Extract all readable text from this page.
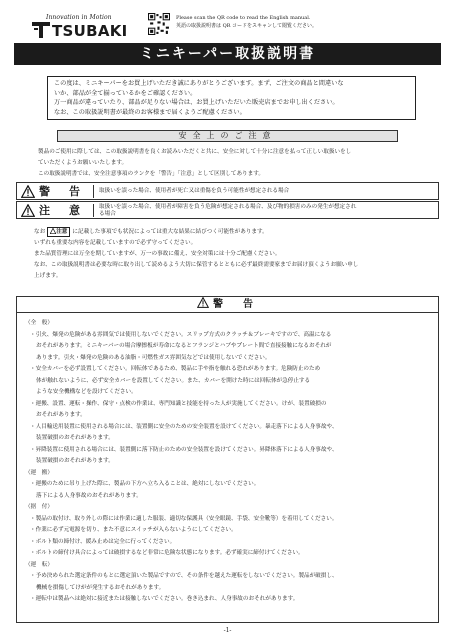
Innovation in Motion
TSUBAKI
Please scan the QR code to read the English manual.
英語の取扱説明書は QR コードをスキャンして閲覧ください。
ミニキーパー取扱説明書
この度は、ミニキーパーをお買上げいただき誠にありがとうございます。まず、ご注文の商品と間違いな
いか、部品が全て揃っているかをご確認ください。
万一商品が違っていたり、部品が足りない場合は、お買上げいただいた販売店までお申し出ください。
なお、この取扱説明書が最終のお客様まで届くようご配慮ください。
安全上のご注意
製品のご使用に際しては、この取扱説明書を良くお読みいただくと共に、安全に対して十分に注意を払って正しい取扱いをし
ていただくようお願いいたします。
この取扱説明書では、安全注意事項のランクを「警告」「注意」として区別してあります。
警　告	取扱いを誤った場合、使用者が死亡又は重傷を負う可能性が想定される場合
注　意	取扱いを誤った場合、使用者が障害を負う危険が想定される場合、及び物的損害のみの発生が想定され
る場合
なお 注意 に記載した事項でも状況によっては重大な結果に結びつく可能性があります。
いずれも重要な内容を記載していますので必ず守ってください。
また品質管理には万全を期していますが、万一の事故に備え、安全対策には十分ご配慮ください。
なお、この取扱説明書は必要な時に取り出して読めるよう大切に保管するとともに必ず最終需要家までお届け頂くようお願い申し
上げます。
警　告
（全　般）
・引火、爆発の危険がある雰囲気では使用しないでください。スリップ方式のクラッチ＆ブレーキですので、高温になる
おそれがあります。ミニキーパーの場合摩擦板が寿命になるとフランジとハブやプレート間で直接接触になるおそれが
あります。引火・爆発の危険のある油脂・可燃性ガス雰囲気などでは使用しないでください。
・安全カバーを必ず設置してください。回転体であるため、製品に手や指を触れる恐れがあります。危険防止のため
体が触れないように、必ず安全カバーを設置してください。また、カバーを開けた時には回転体が急停止する
ような安全機構などを設けてください。
・運搬、設置、運転・操作、保守・点検の作業は、専門知識と技能を持った人が実施してください。けが、装置破損の
おそれがあります。
・人目輸送用装置に使用される場合には、装置側に安全のための安全装置を設けてください。暴走落下による人身事故や、
装置破損のおそれがあります。
・昇降装置に使用される場合には、装置側に落下防止のための安全装置を設けてください。昇降体落下による人身事故や、
装置破損のおそれがあります。
（運　搬）
・運搬のために吊り上げた際に、製品の下方へ立ち入ることは、絶対にしないでください。
落下による人身事故のおそれがあります。
（据　付）
・製品の取付け、取り外しの際には作業に適した服装、適切な保護具（安全眼鏡、手袋、安全靴等）を着用してください。
・作業に必ず元電源を切り、また不意にスイッチが入らないようにしてください。
・ボルト類の締付け、緩み止めは完全に行ってください。
・ボルトの締付け具合によっては破損するなど非常に危険な状態になります。必ず確実に締付けてください。
（運　転）
・予め決められた選定条件のもとに選定頂いた製品ですので、その条件を越えた運転をしないでください。製品が破損し、
機械を損傷してけがが発生するおそれがあります。
・運転中は製品へは絶対に接近または接触しないでください。巻き込まれ、人身事故のおそれがあります。
-1-
